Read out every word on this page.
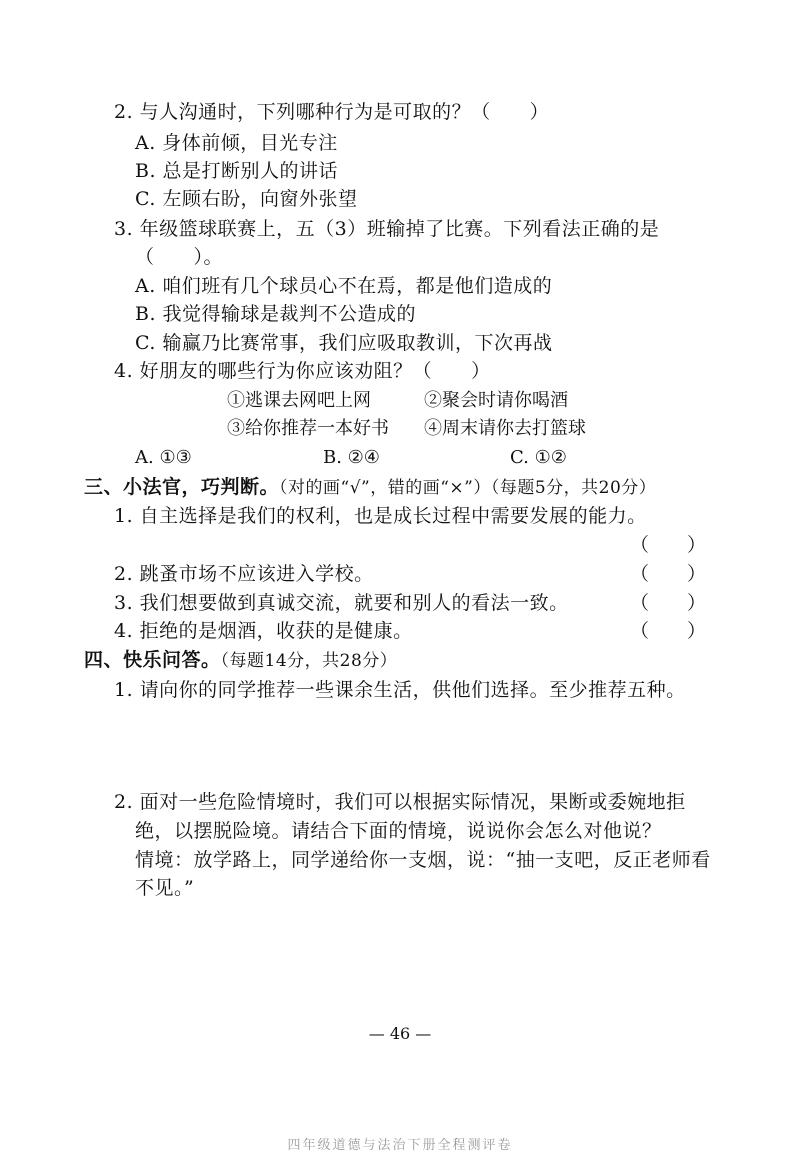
2. 与人沟通时，下列哪种行为是可取的？（　　）
A. 身体前倾，目光专注
B. 总是打断别人的讲话
C. 左顾右盼，向窗外张望
3. 年级篮球联赛上，五（3）班输掉了比赛。下列看法正确的是
（　　）。
A. 咱们班有几个球员心不在焉，都是他们造成的
B. 我觉得输球是裁判不公造成的
C. 输赢乃比赛常事，我们应吸取教训，下次再战
4. 好朋友的哪些行为你应该劝阻？（　　）
①逃课去网吧上网	②聚会时请你喝酒
③给你推荐一本好书 ④周末请你去打篮球
A. ①③	B. ②④	C. ①②
三、小法官，巧判断。（对的画“√”，错的画“×”）（每题5分，共20分）
1. 自主选择是我们的权利，也是成长过程中需要发展的能力。
（　　）
2. 跳蚤市场不应该进入学校。	（　　）
3. 我们想要做到真诚交流，就要和别人的看法一致。	（　　）
4. 拒绝的是烟酒，收获的是健康。	（　　）
四、快乐问答。（每题14分，共28分）
1. 请向你的同学推荐一些课余生活，供他们选择。至少推荐五种。
2. 面对一些危险情境时，我们可以根据实际情况，果断或委婉地拒
绝，以摆脱险境。请结合下面的情境，说说你会怎么对他说？
情境：放学路上，同学递给你一支烟，说：“抽一支吧，反正老师看
不见。”
— 46 —
四年级道德与法治下册全程测评卷
